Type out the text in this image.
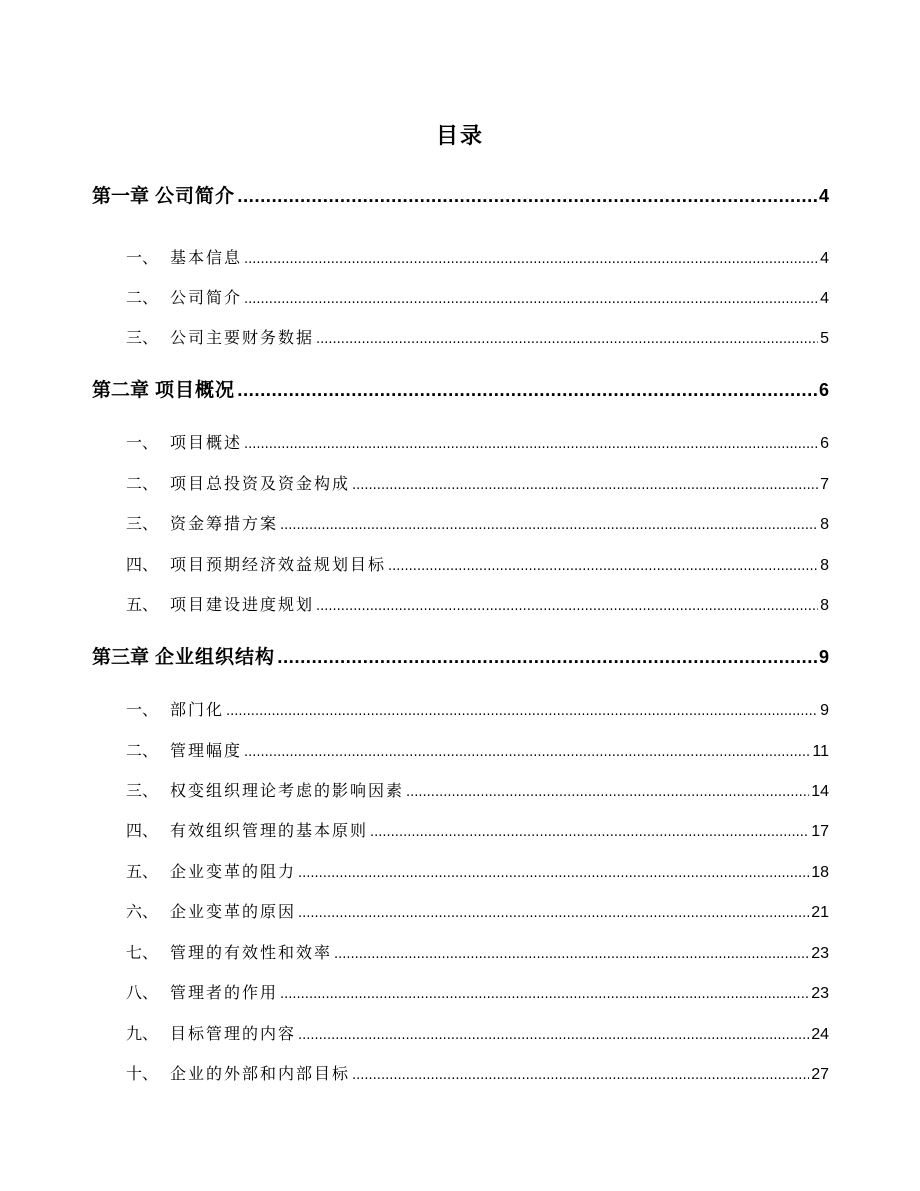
目录
第一章 公司简介 .....	4
一、 基本信息 .....	4
二、 公司简介 .....	4
三、 公司主要财务数据 .....	5
第二章 项目概况 .....	6
一、 项目概述 .....	6
二、 项目总投资及资金构成 .....	7
三、 资金筹措方案 .....	8
四、 项目预期经济效益规划目标 .....	8
五、 项目建设进度规划 .....	8
第三章 企业组织结构 .....	9
一、 部门化 .....	9
二、 管理幅度 .....	11
三、 权变组织理论考虑的影响因素 .....	14
四、 有效组织管理的基本原则 .....	17
五、 企业变革的阻力 .....	18
六、 企业变革的原因 .....	21
七、 管理的有效性和效率 .....	23
八、 管理者的作用 .....	23
九、 目标管理的内容 .....	24
十、 企业的外部和内部目标 .....	27
